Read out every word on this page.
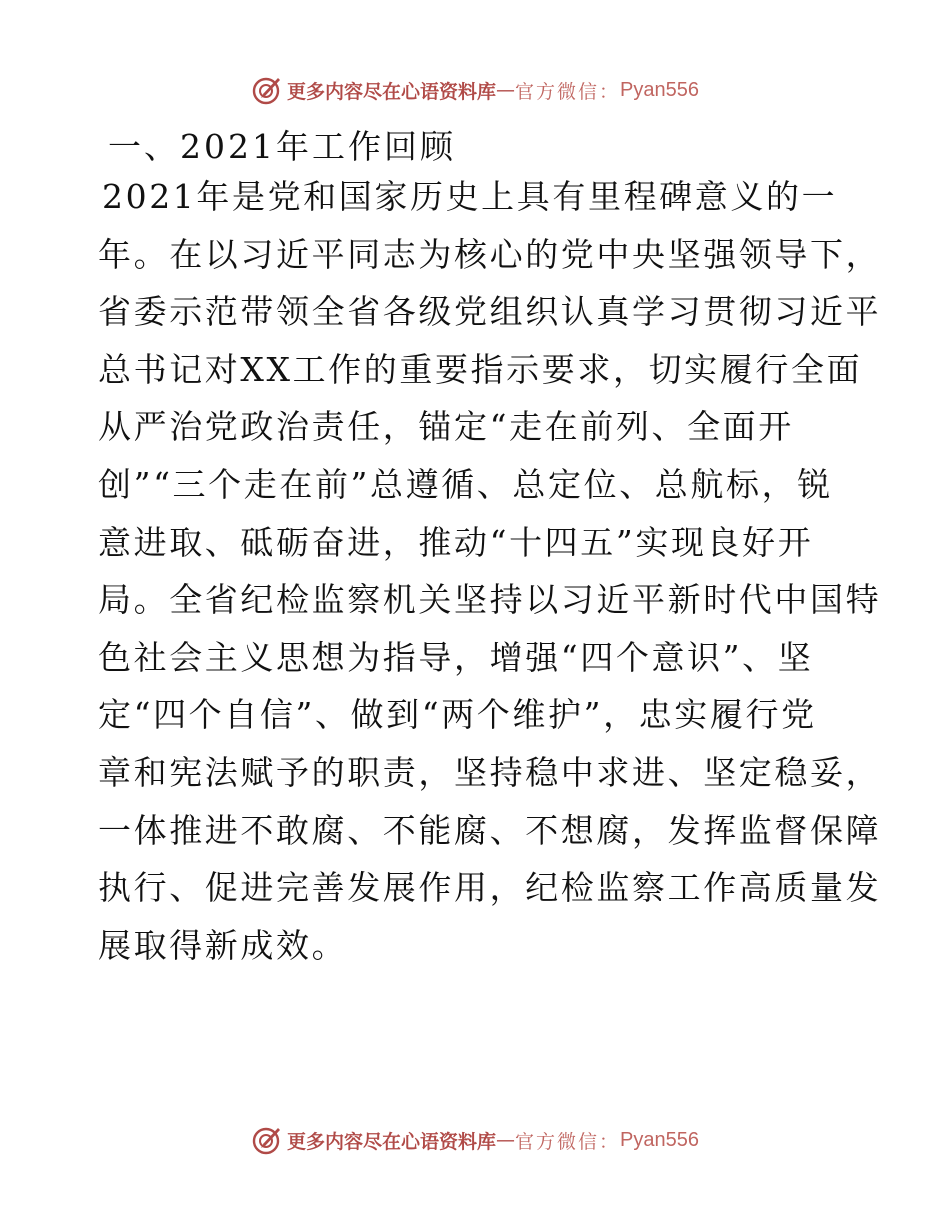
更多内容尽在心语资料库 — 官方微信： Pyan556
一、2021年工作回顾
2021年是党和国家历史上具有里程碑意义的一
年。在以习近平同志为核心的党中央坚强领导下，
省委示范带领全省各级党组织认真学习贯彻习近平
总书记对XX工作的重要指示要求，切实履行全面
从严治党政治责任，锚定“走在前列、全面开
创”“三个走在前”总遵循、总定位、总航标，锐
意进取、砥砺奋进，推动“十四五”实现良好开
局。全省纪检监察机关坚持以习近平新时代中国特
色社会主义思想为指导，增强“四个意识”、坚
定“四个自信”、做到“两个维护”，忠实履行党
章和宪法赋予的职责，坚持稳中求进、坚定稳妥，
一体推进不敢腐、不能腐、不想腐，发挥监督保障
执行、促进完善发展作用，纪检监察工作高质量发
展取得新成效。
更多内容尽在心语资料库 — 官方微信： Pyan556
